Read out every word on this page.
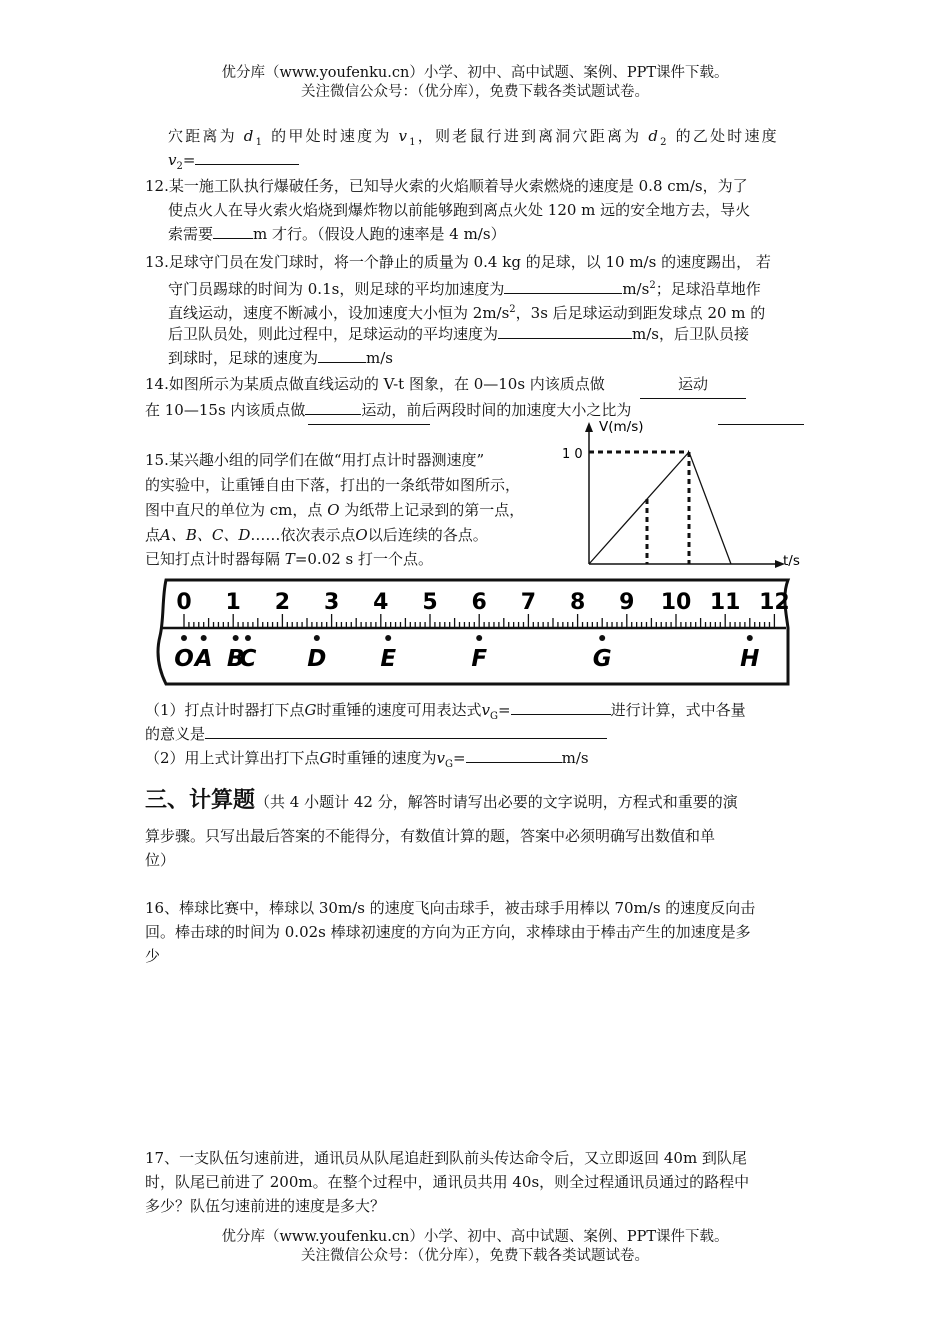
优分库（www.youfenku.cn）小学、初中、高中试题、案例、PPT课件下载。
关注微信公众号：（优分库），免费下载各类试题试卷。
穴距离为 $d_1$ 的甲处时速度为 $v_1$，则老鼠行进到离洞穴距离为 $d_2$ 的乙处时速度
$v_2=$
12.某一施工队执行爆破任务，已知导火索的火焰顺着导火索燃烧的速度是 0.8 cm/s，为了
使点火人在导火索火焰烧到爆炸物以前能够跑到离点火处 120 m 远的安全地方去，导火
索需要	m 才行。（假设人跑的速率是 4 m/s）
13.足球守门员在发门球时，将一个静止的质量为 0.4 kg 的足球，以 10 m/s 的速度踢出， 若
守门员踢球的时间为 0.1s，则足球的平均加速度为	$m/s^2$；足球沿草地作
直线运动，速度不断减小，设加速度大小恒为 $2m/s^2$，3s 后足球运动到距发球点 20 m 的
后卫队员处，则此过程中，足球运动的平均速度为	m/s，后卫队员接
到球时，足球的速度为	m/s
14.如图所示为某质点做直线运动的 V-t 图象，在 0—10s 内该质点做	运动
在 10—15s 内该质点做	运动，前后两段时间的加速度大小之比为
V(m/s)
1 0
t/s
15.某兴趣小组的同学们在做“用打点计时器测速度”
的实验中，让重锤自由下落，打出的一条纸带如图所示，
图中直尺的单位为 cm，点 O 为纸带上记录到的第一点，
点A、B、C、D……依次表示点O以后连续的各点。
已知打点计时器每隔 T=0.02 s 打一个点。
0 1 2 3 4 5 6 7 8 9 10 11 12
O A B
C D E	F	G	H
（1）打点计时器打下点G时重锤的速度可用表达式$v_G=$	进行计算，式中各量
的意义是
（2）用上式计算出打下点G时重锤的速度为$v_G=$	m/s
三、计算题（共 4 小题计 42 分，解答时请写出必要的文字说明，方程式和重要的演
算步骤。只写出最后答案的不能得分，有数值计算的题，答案中必须明确写出数值和单
位）
16、棒球比赛中，棒球以 30m/s 的速度飞向击球手，被击球手用棒以 70m/s 的速度反向击
回。棒击球的时间为 0.02s 棒球初速度的方向为正方向，求棒球由于棒击产生的加速度是多
少
17、一支队伍匀速前进，通讯员从队尾追赶到队前头传达命令后，又立即返回 40m 到队尾
时，队尾已前进了 200m。在整个过程中，通讯员共用 40s，则全过程通讯员通过的路程中
多少？队伍匀速前进的速度是多大？
优分库（www.youfenku.cn）小学、初中、高中试题、案例、PPT课件下载。
关注微信公众号：（优分库），免费下载各类试题试卷。
